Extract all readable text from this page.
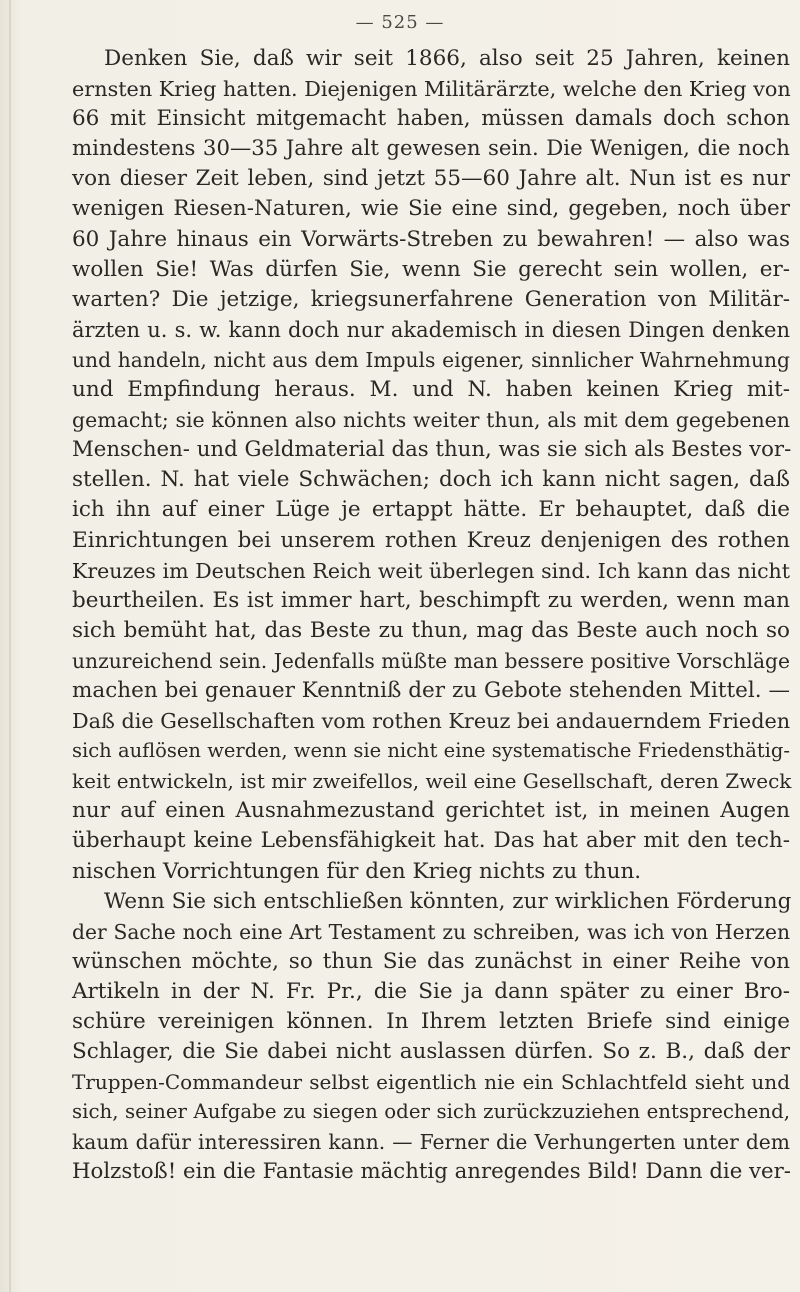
— 525 —
Denken Sie, daß wir seit 1866, also seit 25 Jahren, keinen
ernsten Krieg hatten. Diejenigen Militärärzte, welche den Krieg von
66 mit Einsicht mitgemacht haben, müssen damals doch schon
mindestens 30—35 Jahre alt gewesen sein. Die Wenigen, die noch
von dieser Zeit leben, sind jetzt 55—60 Jahre alt. Nun ist es nur
wenigen Riesen-Naturen, wie Sie eine sind, gegeben, noch über
60 Jahre hinaus ein Vorwärts-Streben zu bewahren! — also was
wollen Sie! Was dürfen Sie, wenn Sie gerecht sein wollen, er-
warten? Die jetzige, kriegsunerfahrene Generation von Militär-
ärzten u. s. w. kann doch nur akademisch in diesen Dingen denken
und handeln, nicht aus dem Impuls eigener, sinnlicher Wahrnehmung
und Empfindung heraus. M. und N. haben keinen Krieg mit-
gemacht; sie können also nichts weiter thun, als mit dem gegebenen
Menschen- und Geldmaterial das thun, was sie sich als Bestes vor-
stellen. N. hat viele Schwächen; doch ich kann nicht sagen, daß
ich ihn auf einer Lüge je ertappt hätte. Er behauptet, daß die
Einrichtungen bei unserem rothen Kreuz denjenigen des rothen
Kreuzes im Deutschen Reich weit überlegen sind. Ich kann das nicht
beurtheilen. Es ist immer hart, beschimpft zu werden, wenn man
sich bemüht hat, das Beste zu thun, mag das Beste auch noch so
unzureichend sein. Jedenfalls müßte man bessere positive Vorschläge
machen bei genauer Kenntniß der zu Gebote stehenden Mittel. —
Daß die Gesellschaften vom rothen Kreuz bei andauerndem Frieden
sich auflösen werden, wenn sie nicht eine systematische Friedensthätig-
keit entwickeln, ist mir zweifellos, weil eine Gesellschaft, deren Zweck
nur auf einen Ausnahmezustand gerichtet ist, in meinen Augen
überhaupt keine Lebensfähigkeit hat. Das hat aber mit den tech-
nischen Vorrichtungen für den Krieg nichts zu thun.
Wenn Sie sich entschließen könnten, zur wirklichen Förderung
der Sache noch eine Art Testament zu schreiben, was ich von Herzen
wünschen möchte, so thun Sie das zunächst in einer Reihe von
Artikeln in der N. Fr. Pr., die Sie ja dann später zu einer Bro-
schüre vereinigen können. In Ihrem letzten Briefe sind einige
Schlager, die Sie dabei nicht auslassen dürfen. So z. B., daß der
Truppen-Commandeur selbst eigentlich nie ein Schlachtfeld sieht und
sich, seiner Aufgabe zu siegen oder sich zurückzuziehen entsprechend,
kaum dafür interessiren kann. — Ferner die Verhungerten unter dem
Holzstoß! ein die Fantasie mächtig anregendes Bild! Dann die ver-
